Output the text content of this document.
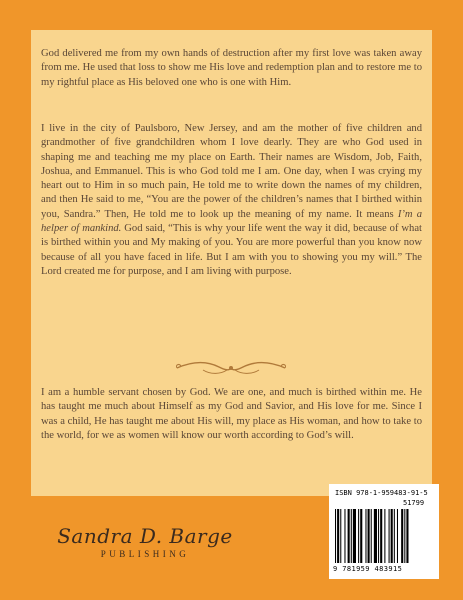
God delivered me from my own hands of destruction after my first love was taken away from me. He used that loss to show me His love and redemption plan and to restore me to my rightful place as His beloved one who is one with Him.

I live in the city of Paulsboro, New Jersey, and am the mother of five children and grandmother of five grandchildren whom I love dearly. They are who God used in shaping me and teaching me my place on Earth. Their names are Wisdom, Job, Faith, Joshua, and Emmanuel. This is who God told me I am. One day, when I was crying my heart out to Him in so much pain, He told me to write down the names of my children, and then He said to me, “You are the power of the children’s names that I birthed within you, Sandra.” Then, He told me to look up the meaning of my name. It means I’m a helper of mankind. God said, “This is why your life went the way it did, because of what is birthed within you and My making of you. You are more powerful than you know now because of all you have faced in life. But I am with you to showing you my will.” The Lord created me for purpose, and I am living with purpose.

I am a humble servant chosen by God. We are one, and much is birthed within me. He has taught me much about Himself as my God and Savior, and His love for me. Since I was a child, He has taught me about His will, my place as His woman, and how to take to the world, for we as women will know our worth according to God’s will.

Sandra D. Barge
PUBLISHING
ISBN 978-1-959483-91-5
51799
9 781959 483915
